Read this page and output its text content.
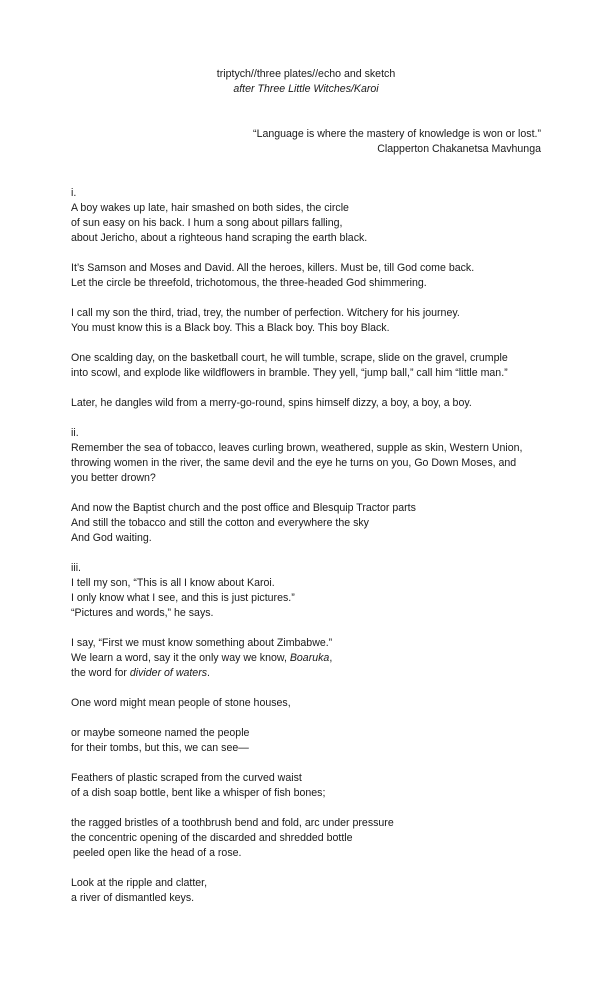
triptych//three plates//echo and sketch
after Three Little Witches/Karoi
“Language is where the mastery of knowledge is won or lost.”
Clapperton Chakanetsa Mavhunga
i.
A boy wakes up late, hair smashed on both sides, the circle
of sun easy on his back. I hum a song about pillars falling,
about Jericho, about a righteous hand scraping the earth black.
It’s Samson and Moses and David. All the heroes, killers. Must be, till God come back.
Let the circle be threefold, trichotomous, the three-headed God shimmering.
I call my son the third, triad, trey, the number of perfection. Witchery for his journey.
You must know this is a Black boy. This a Black boy. This boy Black.
One scalding day, on the basketball court, he will tumble, scrape, slide on the gravel, crumple
into scowl, and explode like wildflowers in bramble. They yell, “jump ball,” call him “little man.”
Later, he dangles wild from a merry-go-round, spins himself dizzy, a boy, a boy, a boy.
ii.
Remember the sea of tobacco, leaves curling brown, weathered, supple as skin, Western Union,
throwing women in the river, the same devil and the eye he turns on you, Go Down Moses, and
you better drown?
And now the Baptist church and the post office and Blesquip Tractor parts
And still the tobacco and still the cotton and everywhere the sky
And God waiting.
iii.
I tell my son, “This is all I know about Karoi.
I only know what I see, and this is just pictures.”
“Pictures and words,” he says.
I say, “First we must know something about Zimbabwe.”
We learn a word, say it the only way we know, Boaruka,
the word for divider of waters.
One word might mean people of stone houses,
or maybe someone named the people
for their tombs, but this, we can see—
Feathers of plastic scraped from the curved waist
of a dish soap bottle, bent like a whisper of fish bones;
the ragged bristles of a toothbrush bend and fold, arc under pressure
the concentric opening of the discarded and shredded bottle
peeled open like the head of a rose.
Look at the ripple and clatter,
a river of dismantled keys.
